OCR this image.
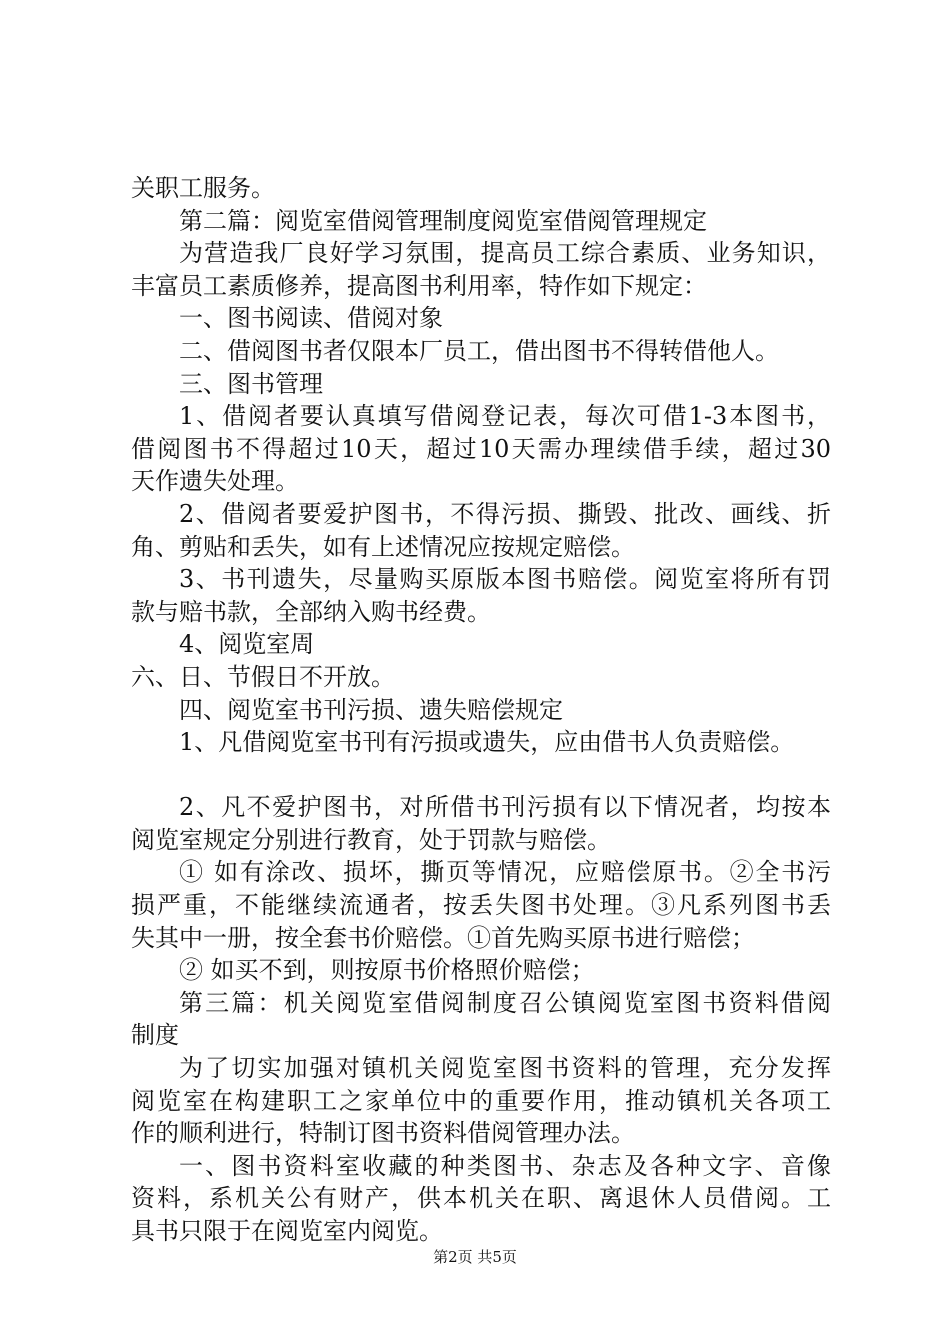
关职工服务。

第二篇：阅览室借阅管理制度阅览室借阅管理规定

为营造我厂良好学习氛围，提高员工综合素质、业务知识，

丰富员工素质修养，提高图书利用率，特作如下规定：

一、图书阅读、借阅对象

二、借阅图书者仅限本厂员工，借出图书不得转借他人。

三、图书管理

1、借阅者要认真填写借阅登记表，每次可借1-3本图书，

借阅图书不得超过10天，超过10天需办理续借手续，超过30

天作遗失处理。

2、借阅者要爱护图书，不得污损、撕毁、批改、画线、折

角、剪贴和丢失，如有上述情况应按规定赔偿。

3、书刊遗失，尽量购买原版本图书赔偿。阅览室将所有罚

款与赔书款，全部纳入购书经费。

4、阅览室周

六、日、节假日不开放。

四、阅览室书刊污损、遗失赔偿规定

1、凡借阅览室书刊有污损或遗失，应由借书人负责赔偿。

2、凡不爱护图书，对所借书刊污损有以下情况者，均按本

阅览室规定分别进行教育，处于罚款与赔偿。

① 如有涂改、损坏，撕页等情况，应赔偿原书。②全书污

损严重，不能继续流通者，按丢失图书处理。③凡系列图书丢

失其中一册，按全套书价赔偿。①首先购买原书进行赔偿；

② 如买不到，则按原书价格照价赔偿；

第三篇：机关阅览室借阅制度召公镇阅览室图书资料借阅

制度

为了切实加强对镇机关阅览室图书资料的管理，充分发挥

阅览室在构建职工之家单位中的重要作用，推动镇机关各项工

作的顺利进行，特制订图书资料借阅管理办法。

一、图书资料室收藏的种类图书、杂志及各种文字、音像

资料，系机关公有财产，供本机关在职、离退休人员借阅。工

具书只限于在阅览室内阅览。

第2页 共5页
